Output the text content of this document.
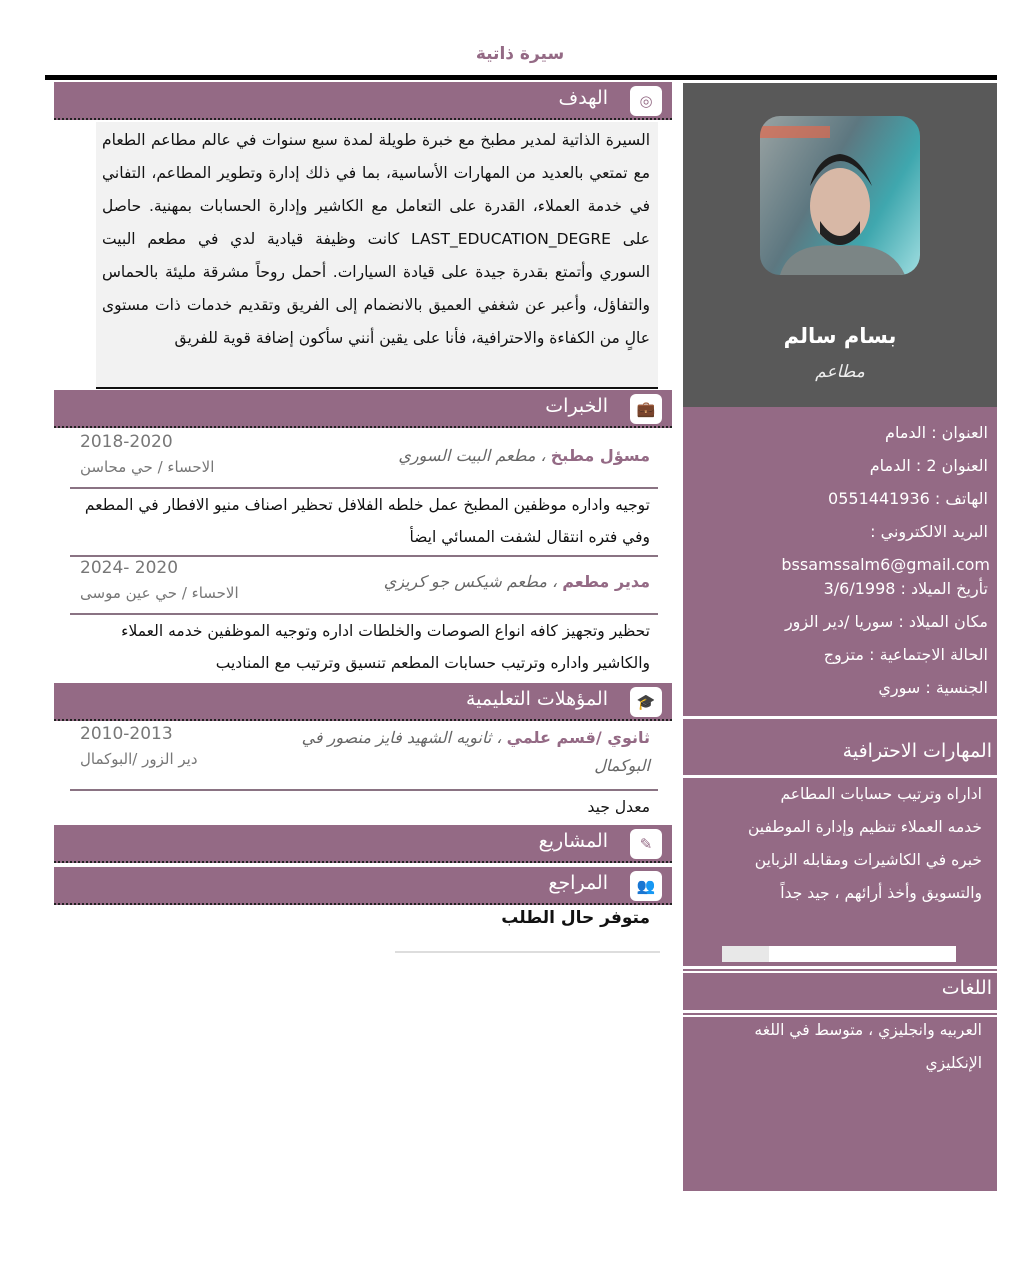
سيرة ذاتية
بسام سالم
مطاعم
العنوان : الدمام
العنوان 2 : الدمام
الهاتف : 0551441936
البريد الالكتروني :
bssamssalm6@gmail.com
تأريخ الميلاد : 3/6/1998
مكان الميلاد : سوريا /دير الزور
الحالة الاجتماعية : متزوج
الجنسية : سوري
المهارات الاحترافية
اداراه وترتيب حسابات المطاعم خدمه العملاء تنظيم وإدارة الموطفين خبره في الكاشيرات ومقابله الزباين والتسويق وأخذ أرائهم ، جيد جداً
اللغات
العربيه وانجليزي ، متوسط في اللغه الإنكليزي
◎
الهدف
السيرة الذاتية لمدير مطبخ مع خبرة طويلة لمدة سبع سنوات في عالم مطاعم الطعام مع تمتعي بالعديد من المهارات الأساسية، بما في ذلك إدارة وتطوير المطاعم، التفاني في خدمة العملاء، القدرة على التعامل مع الكاشير وإدارة الحسابات بمهنية. حاصل على LAST_EDUCATION_DEGRE كانت وظيفة قيادية لدي في مطعم البيت السوري وأتمتع بقدرة جيدة على قيادة السيارات. أحمل روحاً مشرقة مليئة بالحماس والتفاؤل، وأعبر عن شغفي العميق بالانضمام إلى الفريق وتقديم خدمات ذات مستوى عالٍ من الكفاءة والاحترافية، فأنا على يقين أنني سأكون إضافة قوية للفريق
💼
الخبرات
مسؤل مطبخ ، مطعم البيت السوري
2018-2020
الاحساء / حي محاسن
توجيه واداره موظفين المطبخ عمل خلطه الفلافل تحظير اصناف منيو الافطار في المطعم وفي فتره انتقال لشفت المسائي ايضأ
مدير مطعم ، مطعم شيكس جو كريزي
2024- 2020
الاحساء / حي عين موسى
تحظير وتجهيز كافه انواع الصوصات والخلطات اداره وتوجيه الموظفين خدمه العملاء والكاشير واداره وترتيب حسابات المطعم تنسيق وترتيب مع المناديب
🎓
المؤهلات التعليمية
ثانوي /قسم علمي ، ثانويه الشهيد فايز منصور في البوكمال
2010-2013
دير الزور /البوكمال
معدل جيد
✎
المشاريع
👥
المراجع
متوفر حال الطلب
